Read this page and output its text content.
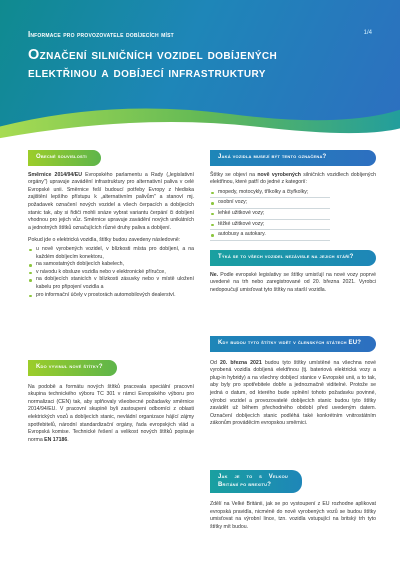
Informace pro provozovatele dobíjecích míst	1/4
Označení silničních vozidel dobíjených elektřinou a dobíjecí infrastruktury
Obecné souvislosti

Směrnice 2014/94/EU Evropského parlamentu a Rady („legislativní orgány") upravuje zavádění infrastruktury pro alternativní paliva v celé Evropské unii. Směrnice řeší budoucí potřeby Evropy z hlediska zajištění lepšího přístupu k „alternativním palivům" a stanoví mj. požadavek označení nových vozidel a všech čerpacích a dobíjecích stanic tak, aby si řidiči mohli snáze vybrat variantu čerpání či dobíjení vhodnou pro jejich vůz. Směrnice upravuje zavádění nových unikátních a jednotných štítků označujících různé druhy paliva a dobíjení.

Pokud jde o elektrická vozidla, štítky budou zavedeny následovně:

u nově vyrobených vozidel, v blízkosti místa pro dobíjení, a na každém dobíjecím konektoru,
na samostatných dobíjecích kabelech,
v návodu k obsluze vozidla nebo v elektronické příručce,
na dobíjecích stanicích v blízkosti zásuvky nebo v místě uložení kabelu pro připojení vozidla a
pro informační účely v prostorách automobilových dealerství.
Kdo vyvinul nové štítky?

Na podobě a formátu nových štítků pracovala speciální pracovní skupina technického výboru TC 301 v rámci Evropského výboru pro normalizaci (CEN) tak, aby splňovaly všeobecné požadavky směrnice 2014/94/EU. V pracovní skupině byli zastoupeni odborníci z oblasti elektrických vozů a dobíjecích stanic, nevládní organizace hájící zájmy spotřebitelů, národní standardizační orgány, řada evropských vlád a Evropská komise. Technické řešení a velikost nových štítků popisuje norma EN 17186.

Jaká vozidla musejí být tento označena?

Štítky se objeví na nově vyrobených silničních vozidlech dobíjených elektřinou, které patří do jedné z kategorií:

mopedy, motocykly, tříkolky a čtyřkolky;
osobní vozy;
lehké užitkové vozy;
těžké užitkové vozy;
autobusy a autokary.
Týká se to všech vozidel nezávisle na jejich stáří?

Ne. Podle evropské legislativy se štítky umisťují na nové vozy poprvé uvedené na trh nebo zaregistrované od 20. března 2021. Vyrobci nedopoučují umisťovat tyto štítky na starší vozidla.

Kdy budou tyto štítky vidět v členských státech EU?

Od 20. března 2021 budou tyto štítky umístěné na všechna nové vyrobená vozidla dobíjená elektřinou (tj. bateriová elektrická vozy a plug-in hybridy) a na všechny dobíjecí stanice v Evropské unii, a to tak, aby byly pro spotřebitele dobře a jednoznačně viditelné. Protože se jedná o datum, od kterého bude splnění tohoto požadavku povinné, výrobci vozidel a provozovatelé dobíjecích stanic budou tyto štítky zavádět už během přechodného období před uvedeným datem. Označení dobíjecích stanic podléhá také konkrétním vnitrostátním zákonům prováděcím evropskou směrnici.

Jak je to s Velkou Británií po brexitu?

Zdělí na Velké Británii, jak se po vystoupení z EU rozhodne aplikovat evropská pravidla, nicméně do nově vyrobených vozů se budou štítky umisťovat na výrobní lince, tzn. vozidla vstupující na britský trh tyto štítky mít budou.
